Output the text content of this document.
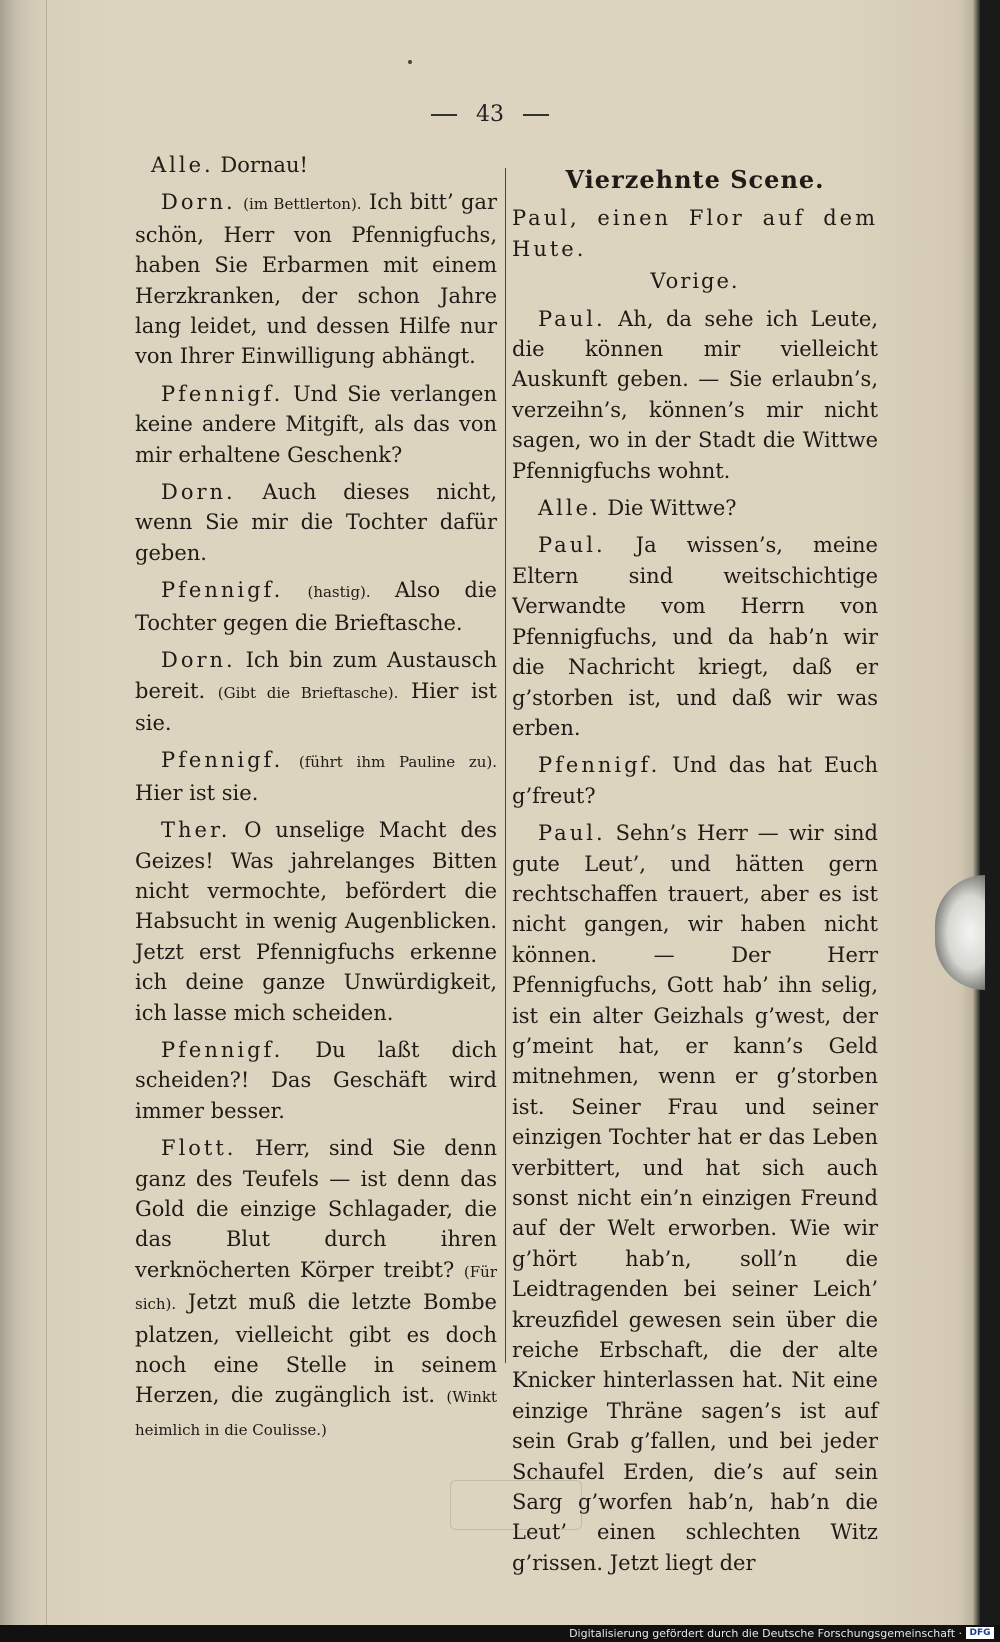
43

Alle. Dornau!

Dorn. (im Bettlerton). Ich bitt’ gar schön, Herr von Pfennigfuchs, haben Sie Erbarmen mit einem Herzkranken, der schon Jahre lang leidet, und dessen Hilfe nur von Ihrer Einwilligung abhängt.

Pfennigf. Und Sie verlangen keine andere Mitgift, als das von mir erhaltene Geschenk?

Dorn. Auch dieses nicht, wenn Sie mir die Tochter dafür geben.

Pfennigf. (hastig). Also die Tochter gegen die Brieftasche.

Dorn. Ich bin zum Austausch bereit. (Gibt die Brieftasche). Hier ist sie.

Pfennigf. (führt ihm Pauline zu). Hier ist sie.

Ther. O unselige Macht des Geizes! Was jahrelanges Bitten nicht vermochte, befördert die Habsucht in wenig Augenblicken. Jetzt erst Pfennigfuchs erkenne ich deine ganze Unwürdigkeit, ich lasse mich scheiden.

Pfennigf. Du laßt dich scheiden?! Das Geschäft wird immer besser.

Flott. Herr, sind Sie denn ganz des Teufels — ist denn das Gold die einzige Schlagader, die das Blut durch ihren verknöcherten Körper treibt? (Für sich). Jetzt muß die letzte Bombe platzen, vielleicht gibt es doch noch eine Stelle in seinem Herzen, die zugänglich ist. (Winkt heimlich in die Coulisse.)

Vierzehnte Scene.

Paul, einen Flor auf dem Hute.

Vorige.

Paul. Ah, da sehe ich Leute, die können mir vielleicht Auskunft geben. — Sie erlaubn’s, verzeihn’s, können’s mir nicht sagen, wo in der Stadt die Wittwe Pfennigfuchs wohnt.

Alle. Die Wittwe?

Paul. Ja wissen’s, meine Eltern sind weitschichtige Verwandte vom Herrn von Pfennigfuchs, und da hab’n wir die Nachricht kriegt, daß er g’storben ist, und daß wir was erben.

Pfennigf. Und das hat Euch g’freut?

Paul. Sehn’s Herr — wir sind gute Leut’, und hätten gern rechtschaffen trauert, aber es ist nicht gangen, wir haben nicht können. — Der Herr Pfennigfuchs, Gott hab’ ihn selig, ist ein alter Geizhals g’west, der g’meint hat, er kann’s Geld mitnehmen, wenn er g’storben ist. Seiner Frau und seiner einzigen Tochter hat er das Leben verbittert, und hat sich auch sonst nicht ein’n einzigen Freund auf der Welt erworben. Wie wir g’hört hab’n, soll’n die Leidtragenden bei seiner Leich’ kreuzfidel gewesen sein über die reiche Erbschaft, die der alte Knicker hinterlassen hat. Nit eine einzige Thräne sagen’s ist auf sein Grab g’fallen, und bei jeder Schaufel Erden, die’s auf sein Sarg g’worfen hab’n, hab’n die Leut’ einen schlechten Witz g’rissen. Jetzt liegt der

Digitalisierung gefördert durch die Deutsche Forschungsgemeinschaft · DFG
